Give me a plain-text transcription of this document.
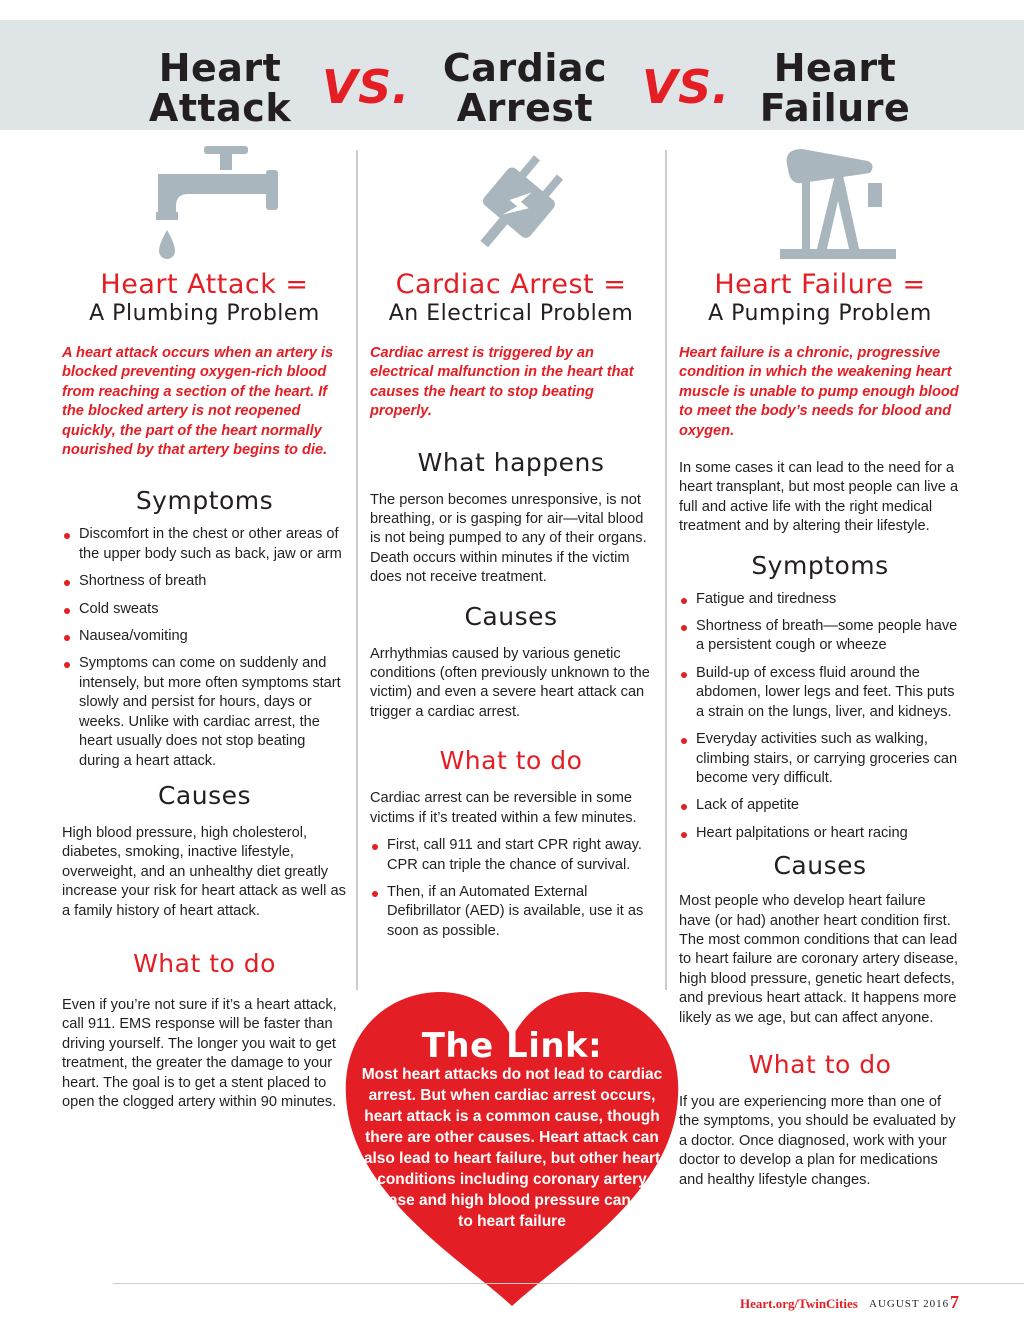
Heart
Attack VS. Cardiac
Arrest	VS.	Heart
Failure

Heart Attack =

A Plumbing Problem

A heart attack occurs when an artery is blocked preventing oxygen-rich blood from reaching a section of the heart. If the blocked artery is not reopened quickly, the part of the heart normally nourished by that artery begins to die.

Symptoms

Discomfort in the chest or other areas of the upper body such as back, jaw or arm
Shortness of breath
Cold sweats
Nausea/vomiting
Symptoms can come on suddenly and intensely, but more often symptoms start slowly and persist for hours, days or weeks. Unlike with cardiac arrest, the heart usually does not stop beating during a heart attack.

Causes

High blood pressure, high cholesterol, diabetes, smoking, inactive lifestyle, overweight, and an unhealthy diet greatly increase your risk for heart attack as well as a family history of heart attack.

What to do

Even if you’re not sure if it’s a heart attack, call 911. EMS response will be faster than driving yourself. The longer you wait to get treatment, the greater the damage to your heart. The goal is to get a stent placed to open the clogged artery within 90 minutes.

Cardiac Arrest =

An Electrical Problem

Cardiac arrest is triggered by an electrical malfunction in the heart that causes the heart to stop beating properly.

What happens

The person becomes unresponsive, is not breathing, or is gasping for air—vital blood is not being pumped to any of their organs. Death occurs within minutes if the victim does not receive treatment.

Causes

Arrhythmias caused by various genetic conditions (often previously unknown to the victim) and even a severe heart attack can trigger a cardiac arrest.

What to do

Cardiac arrest can be reversible in some victims if it’s treated within a few minutes.

First, call 911 and start CPR right away. CPR can triple the chance of survival.
Then, if an Automated External Defibrillator (AED) is available, use it as soon as possible.

Heart Failure =

A Pumping Problem

Heart failure is a chronic, progressive condition in which the weakening heart muscle is unable to pump enough blood to meet the body’s needs for blood and oxygen.

In some cases it can lead to the need for a heart transplant, but most people can live a full and active life with the right medical treatment and by altering their lifestyle.

Symptoms

Fatigue and tiredness
Shortness of breath—some people have a persistent cough or wheeze
Build-up of excess fluid around the abdomen, lower legs and feet. This puts a strain on the lungs, liver, and kidneys.
Everyday activities such as walking, climbing stairs, or carrying groceries can become very difficult.
Lack of appetite
Heart palpitations or heart racing

Causes

Most people who develop heart failure have (or had) another heart condition first. The most common conditions that can lead to heart failure are coronary artery disease, high blood pressure, genetic heart defects, and previous heart attack. It happens more likely as we age, but can affect anyone.

What to do

If you are experiencing more than one of the symptoms, you should be evaluated by a doctor. Once diagnosed, work with your doctor to develop a plan for medications and healthy lifestyle changes.

The Link:
Most heart attacks do not lead to cardiac arrest. But when cardiac arrest occurs, heart attack is a common cause, though there are other causes. Heart attack can also lead to heart failure, but other heart conditions including coronary artery disease and high blood pressure can lead to heart failure
Heart.org/TwinCities AUGUST 2016 7
